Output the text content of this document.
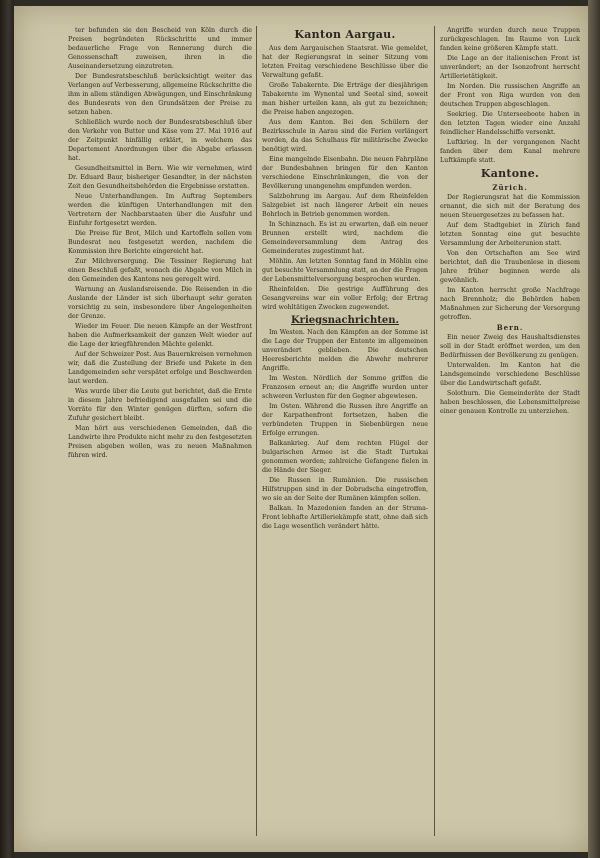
ter befunden sie den Bescheid von Köln durch die Preisen begründeten Rückschritte und immer bedauerliche Frage von Rennerung durch die Genossenschaft zuweisen, ihren in die Auseinandersetzung einzutreten.

Der Bundesratsbeschluß berücksichtigt weiter das Verlangen auf Verbesserung, allgemeine Rückschritte die ihm in allem ständigen Abwägungen, und Einschränkung des Bundesrats von den Grundsätzen der Preise zu setzen haben.

Schließlich wurde noch der Bundesratsbeschluß über den Verkehr von Butter und Käse vom 27. Mai 1916 auf der Zeitpunkt hinfällig erklärt, in welchem das Departement Anordnungen über die Abgabe erlassen hat.

Gesundheitsmittel in Bern. Wie wir vernehmen, wird Dr. Eduard Baur, bisheriger Gesandter, in der nächsten Zeit den Gesundheitsbehörden die Ergebnisse erstatten.

Neue Unterhandlungen. Im Auftrag Septembers werden die künftigen Unterhandlungen mit den Vertretern der Nachbarstaaten über die Ausfuhr und Einfuhr fortgesetzt werden.

Die Preise für Brot, Milch und Kartoffeln sollen vom Bundesrat neu festgesetzt werden, nachdem die Kommission ihre Berichte eingereicht hat.

Zur Milchversorgung. Die Tessiner Regierung hat einen Beschluß gefaßt, wonach die Abgabe von Milch in den Gemeinden des Kantons neu geregelt wird.

Warnung an Auslandsreisende. Die Reisenden in die Auslande der Länder ist sich überhaupt sehr geraten vorsichtig zu sein, insbesondere über Angelegenheiten der Grenze.

Wieder im Feuer. Die neuen Kämpfe an der Westfront haben die Aufmerksamkeit der ganzen Welt wieder auf die Lage der kriegführenden Mächte gelenkt.

Auf der Schweizer Post. Aus Bauernkreisen vernehmen wir, daß die Zustellung der Briefe und Pakete in den Landgemeinden sehr verspätet erfolge und Beschwerden laut werden.

Was wurde über die Leute gut berichtet, daß die Ernte in diesem Jahre befriedigend ausgefallen sei und die Vorräte für den Winter genügen dürften, sofern die Zufuhr gesichert bleibt.

Man hört aus verschiedenen Gemeinden, daß die Landwirte ihre Produkte nicht mehr zu den festgesetzten Preisen abgeben wollen, was zu neuen Maßnahmen führen wird.

Kanton Aargau.

Aus dem Aargauischen Staatsrat. Wie gemeldet, hat der Regierungsrat in seiner Sitzung vom letzten Freitag verschiedene Beschlüsse über die Verwaltung gefaßt.

Große Tabakernte. Die Erträge der diesjährigen Tabakernte im Wynental und Seetal sind, soweit man bisher urteilen kann, als gut zu bezeichnen; die Preise haben angezogen.

Aus dem Kanton. Bei den Schülern der Bezirksschule in Aarau sind die Ferien verlängert worden, da das Schulhaus für militärische Zwecke benötigt wird.

Eine mangelnde Eisenbahn. Die neuen Fahrpläne der Bundesbahnen bringen für den Kanton verschiedene Einschränkungen, die von der Bevölkerung unangenehm empfunden werden.

Salzbohrung im Aargau. Auf dem Rheinfelden Salzgebiet ist nach längerer Arbeit ein neues Bohrloch in Betrieb genommen worden.

In Schinznach. Es ist zu erwarten, daß ein neuer Brunnen erstellt wird, nachdem die Gemeindeversammlung dem Antrag des Gemeinderates zugestimmt hat.

Möhlin. Am letzten Sonntag fand in Möhlin eine gut besuchte Versammlung statt, an der die Fragen der Lebensmittelversorgung besprochen wurden.

Rheinfelden. Die gestrige Aufführung des Gesangvereins war ein voller Erfolg; der Ertrag wird wohltätigen Zwecken zugewendet.

Kriegsnachrichten.

Im Westen. Nach den Kämpfen an der Somme ist die Lage der Truppen der Entente im allgemeinen unverändert geblieben. Die deutschen Heeresberichte melden die Abwehr mehrerer Angriffe.

Im Westen. Nördlich der Somme griffen die Franzosen erneut an; die Angriffe wurden unter schweren Verlusten für den Gegner abgewiesen.

Im Osten. Während die Russen ihre Angriffe an der Karpathenfront fortsetzen, haben die verbündeten Truppen in Siebenbürgen neue Erfolge errungen.

Balkankrieg. Auf dem rechten Flügel der bulgarischen Armee ist die Stadt Turtukai genommen worden; zahlreiche Gefangene fielen in die Hände der Sieger.

Die Russen in Rumänien. Die russischen Hilfstruppen sind in der Dobrudscha eingetroffen, wo sie an der Seite der Rumänen kämpfen sollen.

Balkan. In Mazedonien fanden an der Struma-Front lebhafte Artilleriekämpfe statt, ohne daß sich die Lage wesentlich verändert hätte.

Angriffe wurden durch neue Truppen zurückgeschlagen. Im Raume von Luck fanden keine größeren Kämpfe statt.

Die Lage an der italienischen Front ist unverändert; an der Isonzofront herrscht Artillerietätigkeit.

Im Norden. Die russischen Angriffe an der Front von Riga wurden von den deutschen Truppen abgeschlagen.

Seekrieg. Die Unterseeboote haben in den letzten Tagen wieder eine Anzahl feindlicher Handelsschiffe versenkt.

Luftkrieg. In der vergangenen Nacht fanden über dem Kanal mehrere Luftkämpfe statt.

Kantone.
Zürich.

Der Regierungsrat hat die Kommission ernannt, die sich mit der Beratung des neuen Steuergesetzes zu befassen hat.

Auf dem Stadtgebiet in Zürich fand letzten Sonntag eine gut besuchte Versammlung der Arbeiterunion statt.

Von den Ortschaften am See wird berichtet, daß die Traubenlese in diesem Jahre früher beginnen werde als gewöhnlich.

Im Kanton herrscht große Nachfrage nach Brennholz; die Behörden haben Maßnahmen zur Sicherung der Versorgung getroffen.

Bern.

Ein neuer Zweig des Haushaltsdienstes soll in der Stadt eröffnet werden, um den Bedürfnissen der Bevölkerung zu genügen.

Unterwalden. Im Kanton hat die Landsgemeinde verschiedene Beschlüsse über die Landwirtschaft gefaßt.

Solothurn. Die Gemeinderäte der Stadt haben beschlossen, die Lebensmittelpreise einer genauen Kontrolle zu unterziehen.
